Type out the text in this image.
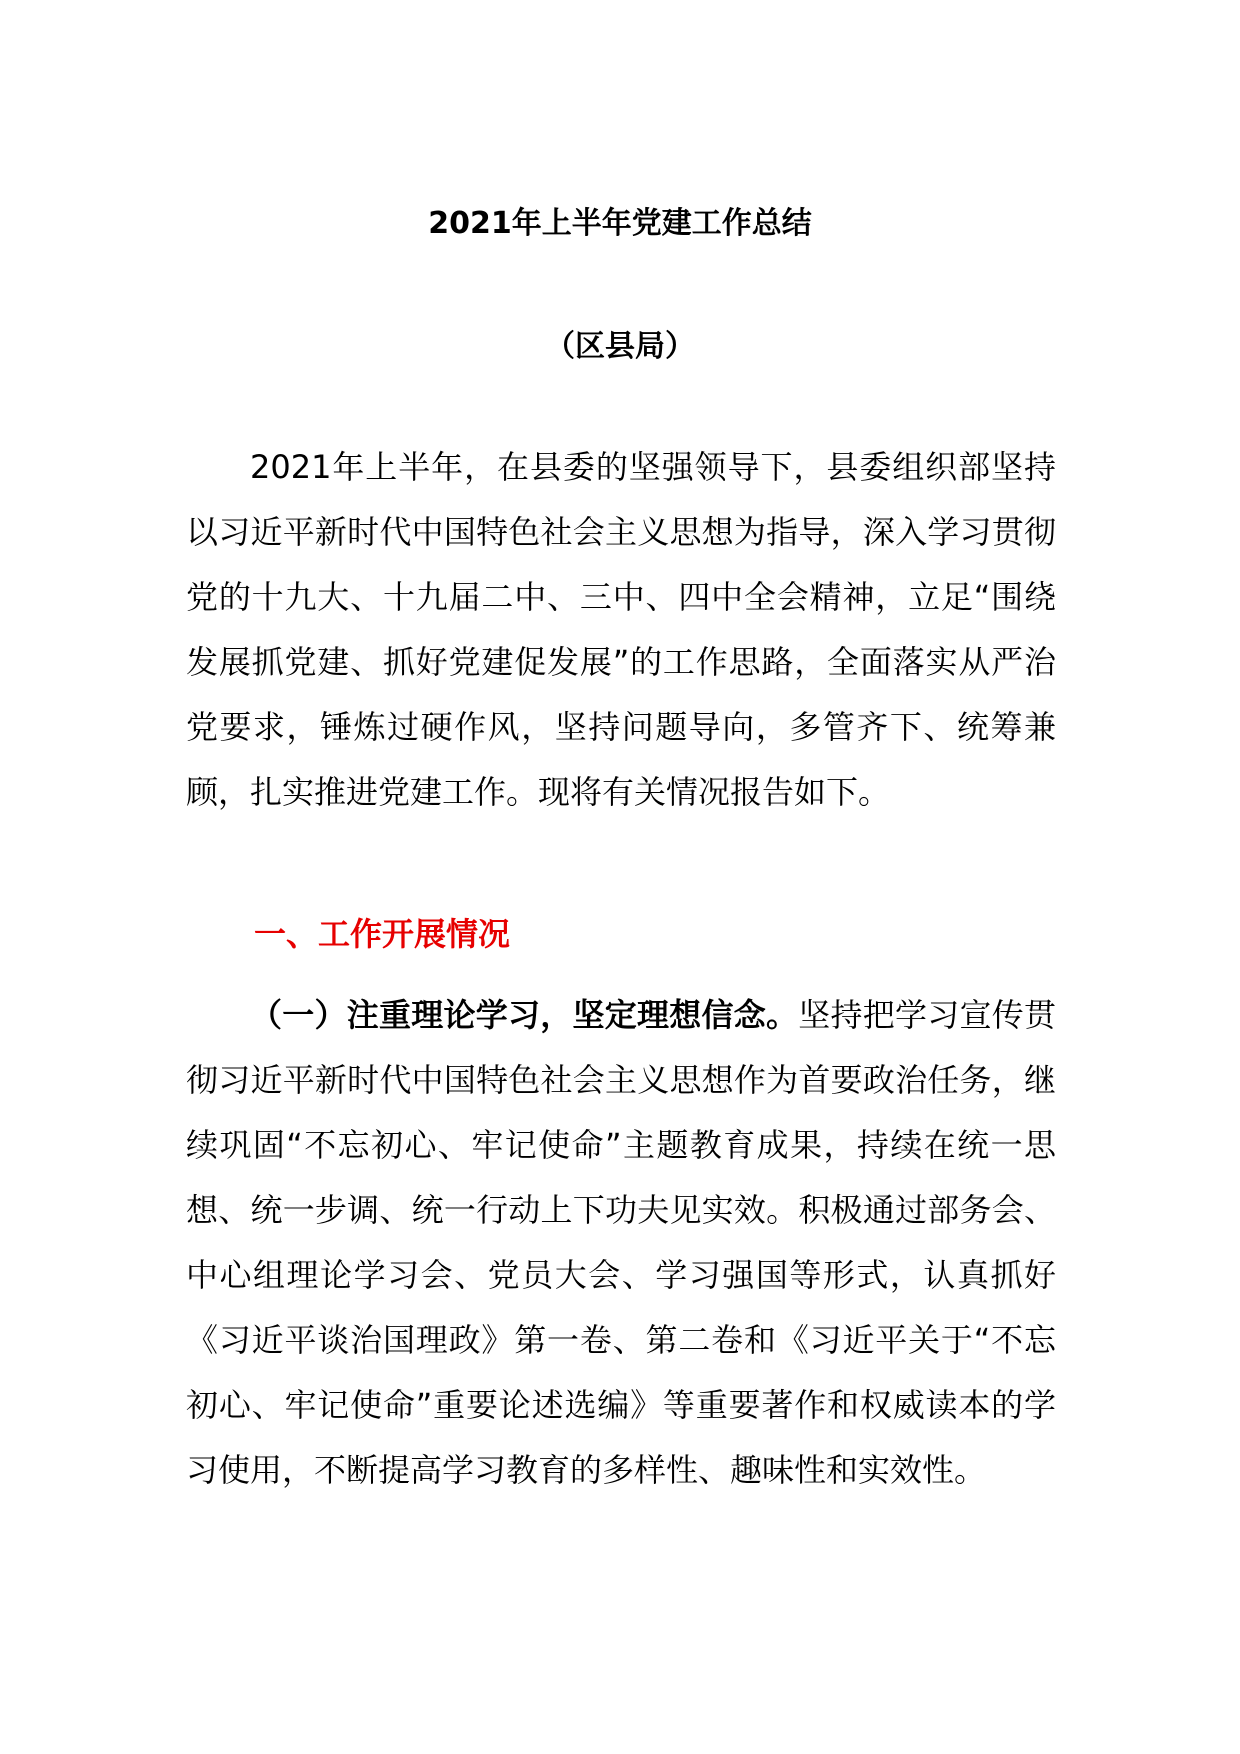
2021年上半年党建工作总结
（区县局）

2021年上半年，在县委的坚强领导下，县委组织部坚持以习近平新时代中国特色社会主义思想为指导，深入学习贯彻党的十九大、十九届二中、三中、四中全会精神，立足“围绕发展抓党建、抓好党建促发展”的工作思路，全面落实从严治党要求，锤炼过硬作风，坚持问题导向，多管齐下、统筹兼顾，扎实推进党建工作。现将有关情况报告如下。

一、工作开展情况

（一）注重理论学习，坚定理想信念。坚持把学习宣传贯彻习近平新时代中国特色社会主义思想作为首要政治任务，继续巩固“不忘初心、牢记使命”主题教育成果，持续在统一思想、统一步调、统一行动上下功夫见实效。积极通过部务会、中心组理论学习会、党员大会、学习强国等形式，认真抓好《习近平谈治国理政》第一卷、第二卷和《习近平关于“不忘初心、牢记使命”重要论述选编》等重要著作和权威读本的学习使用，不断提高学习教育的多样性、趣味性和实效性。
